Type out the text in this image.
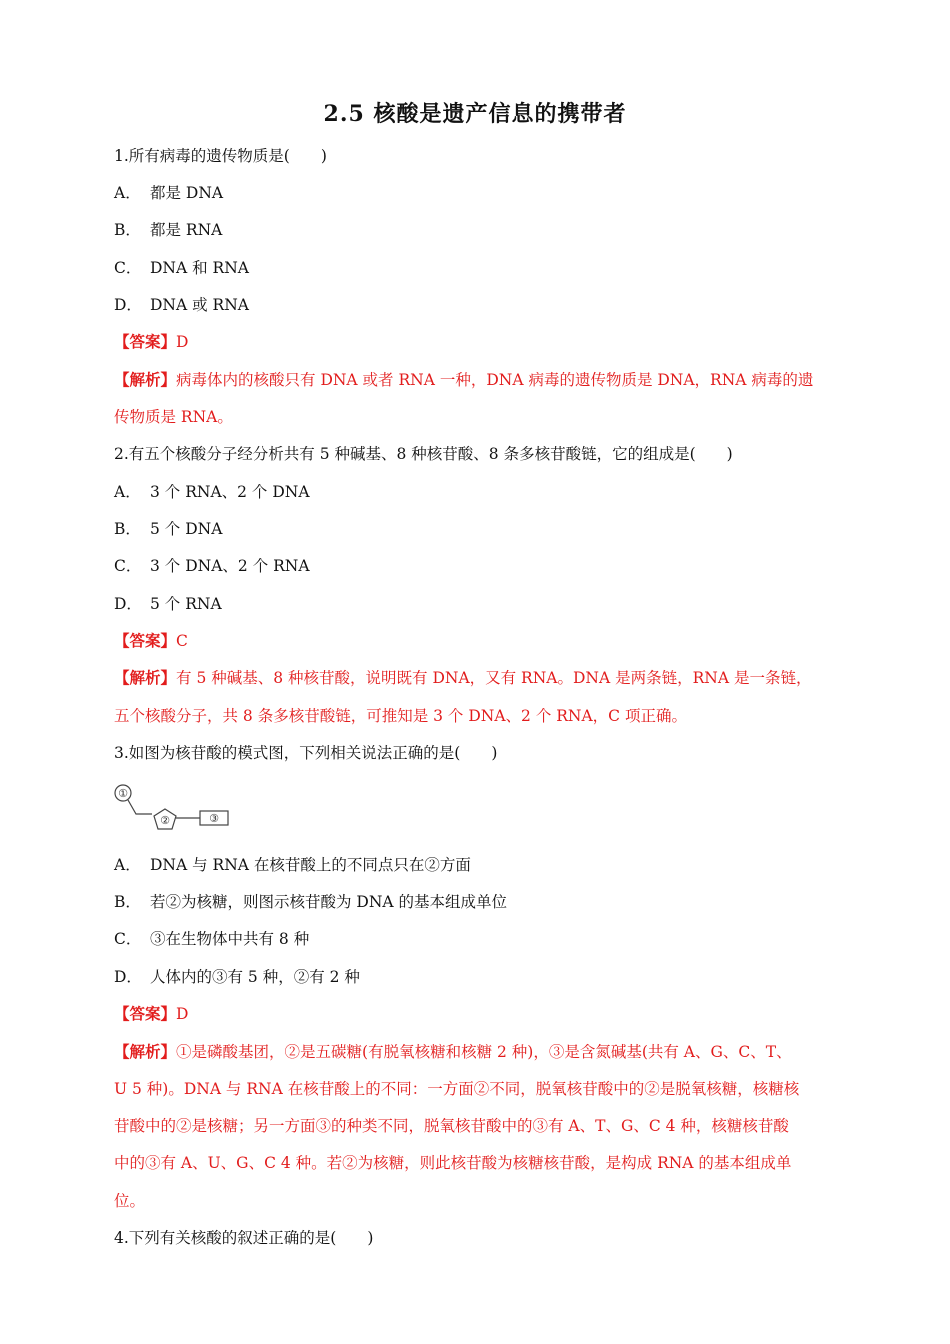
2.5 核酸是遗产信息的携带者
1.所有病毒的遗传物质是(　　)
A． 都是 DNA
B． 都是 RNA
C． DNA 和 RNA
D． DNA 或 RNA
【答案】D
【解析】病毒体内的核酸只有 DNA 或者 RNA 一种，DNA 病毒的遗传物质是 DNA，RNA 病毒的遗
传物质是 RNA。
2.有五个核酸分子经分析共有 5 种碱基、8 种核苷酸、8 条多核苷酸链，它的组成是(　　)
A． 3 个 RNA、2 个 DNA
B． 5 个 DNA
C． 3 个 DNA、2 个 RNA
D． 5 个 RNA
【答案】C
【解析】有 5 种碱基、8 种核苷酸，说明既有 DNA，又有 RNA。DNA 是两条链，RNA 是一条链，
五个核酸分子，共 8 条多核苷酸链，可推知是 3 个 DNA、2 个 RNA，C 项正确。
3.如图为核苷酸的模式图，下列相关说法正确的是(　　)
①
②	③
A． DNA 与 RNA 在核苷酸上的不同点只在②方面
B． 若②为核糖，则图示核苷酸为 DNA 的基本组成单位
C． ③在生物体中共有 8 种
D． 人体内的③有 5 种，②有 2 种
【答案】D
【解析】①是磷酸基团，②是五碳糖(有脱氧核糖和核糖 2 种)，③是含氮碱基(共有 A、G、C、T、
U 5 种)。DNA 与 RNA 在核苷酸上的不同：一方面②不同，脱氧核苷酸中的②是脱氧核糖，核糖核
苷酸中的②是核糖；另一方面③的种类不同，脱氧核苷酸中的③有 A、T、G、C 4 种，核糖核苷酸
中的③有 A、U、G、C 4 种。若②为核糖，则此核苷酸为核糖核苷酸，是构成 RNA 的基本组成单
位。
4.下列有关核酸的叙述正确的是(　　)
